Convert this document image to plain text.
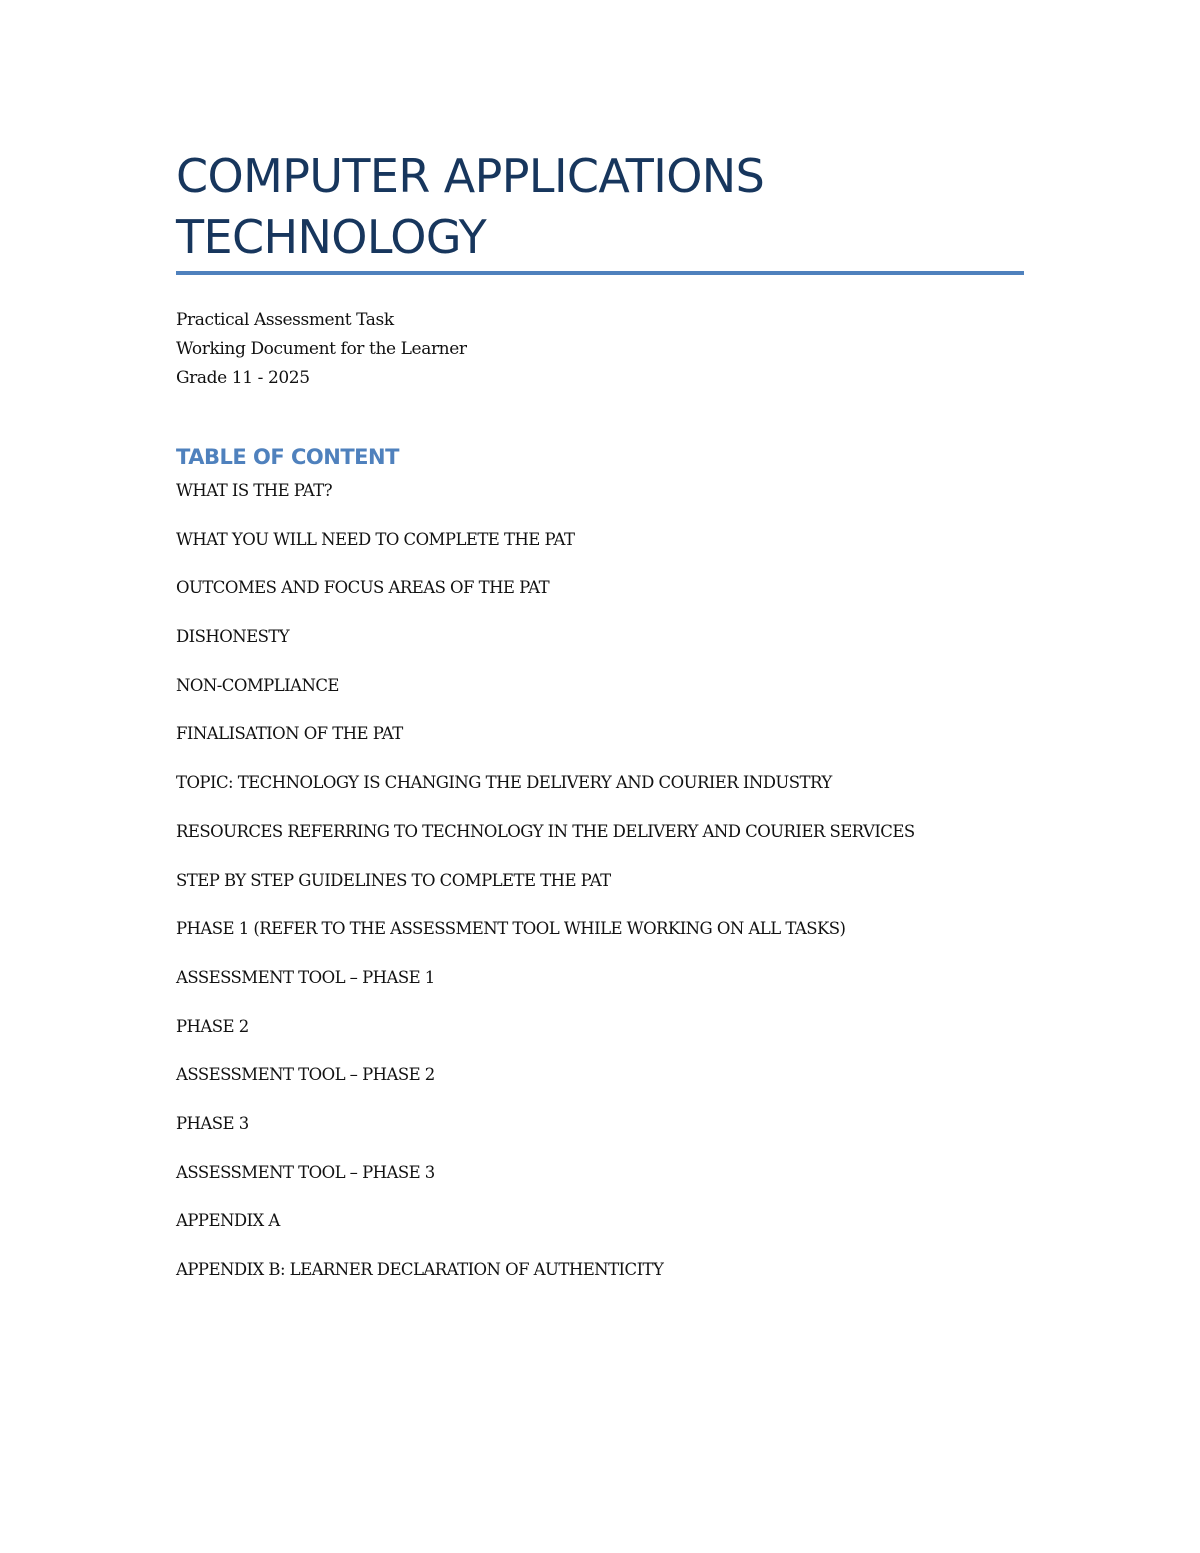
COMPUTER APPLICATIONS
TECHNOLOGY
Practical Assessment Task
Working Document for the Learner
Grade 11 - 2025
TABLE OF CONTENT
WHAT IS THE PAT?
WHAT YOU WILL NEED TO COMPLETE THE PAT
OUTCOMES AND FOCUS AREAS OF THE PAT
DISHONESTY
NON-COMPLIANCE
FINALISATION OF THE PAT
TOPIC: TECHNOLOGY IS CHANGING THE DELIVERY AND COURIER INDUSTRY
RESOURCES REFERRING TO TECHNOLOGY IN THE DELIVERY AND COURIER SERVICES
STEP BY STEP GUIDELINES TO COMPLETE THE PAT
PHASE 1 (REFER TO THE ASSESSMENT TOOL WHILE WORKING ON ALL TASKS)
ASSESSMENT TOOL – PHASE 1
PHASE 2
ASSESSMENT TOOL – PHASE 2
PHASE 3
ASSESSMENT TOOL – PHASE 3
APPENDIX A
APPENDIX B: LEARNER DECLARATION OF AUTHENTICITY
